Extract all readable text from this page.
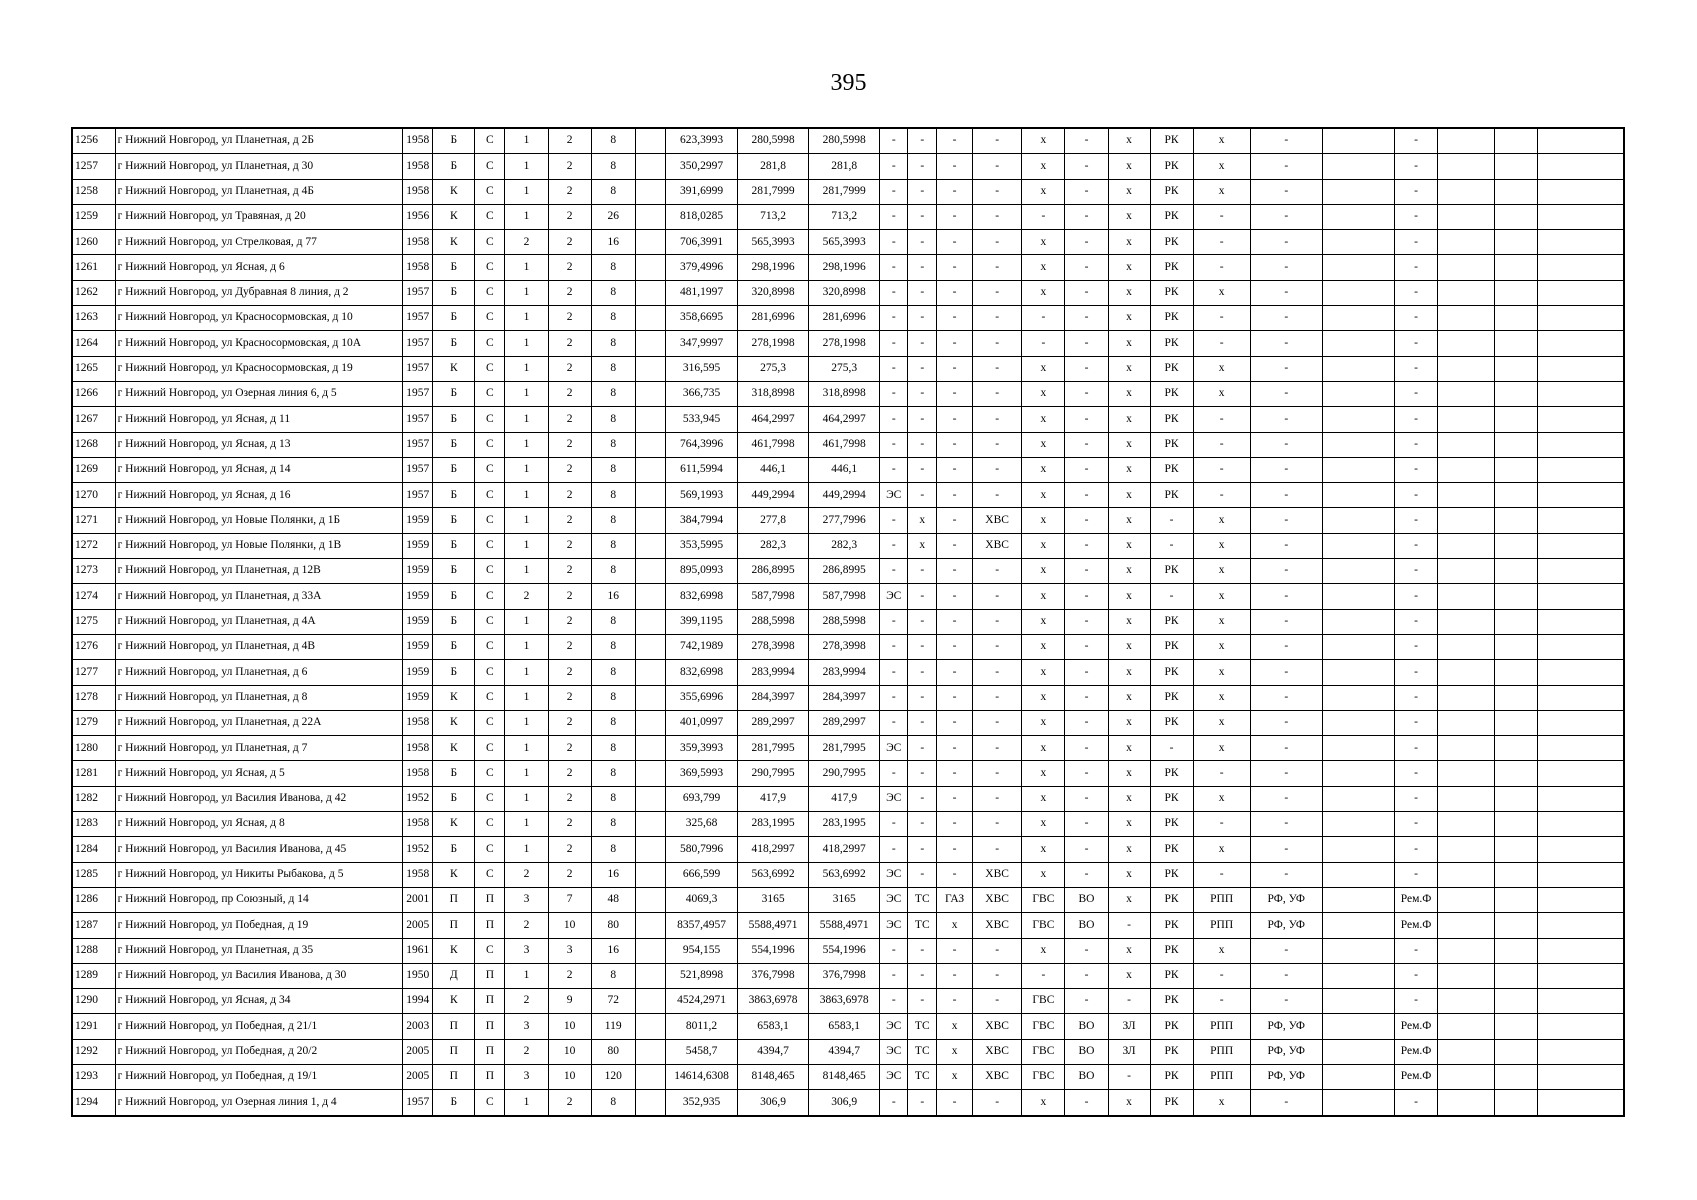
395
1256	г Нижний Новгород, ул Планетная, д 2Б	1958	Б	С	1	2	8		623,3993	280,5998	280,5998	-	-	-	-	х	-	х	РК	х	-		-			
1257	г Нижний Новгород, ул Планетная, д 30	1958	Б	С	1	2	8		350,2997	281,8	281,8	-	-	-	-	х	-	х	РК	х	-		-			
1258	г Нижний Новгород, ул Планетная, д 4Б	1958	К	С	1	2	8		391,6999	281,7999	281,7999	-	-	-	-	х	-	х	РК	х	-		-			
1259	г Нижний Новгород, ул Травяная, д 20	1956	К	С	1	2	26		818,0285	713,2	713,2	-	-	-	-	-	-	х	РК	-	-		-			
1260	г Нижний Новгород, ул Стрелковая, д 77	1958	К	С	2	2	16		706,3991	565,3993	565,3993	-	-	-	-	х	-	х	РК	-	-		-			
1261	г Нижний Новгород, ул Ясная, д 6	1958	Б	С	1	2	8		379,4996	298,1996	298,1996	-	-	-	-	х	-	х	РК	-	-		-			
1262	г Нижний Новгород, ул Дубравная 8 линия, д 2	1957	Б	С	1	2	8		481,1997	320,8998	320,8998	-	-	-	-	х	-	х	РК	х	-		-			
1263	г Нижний Новгород, ул Красносормовская, д 10	1957	Б	С	1	2	8		358,6695	281,6996	281,6996	-	-	-	-	-	-	х	РК	-	-		-			
1264	г Нижний Новгород, ул Красносормовская, д 10А	1957	Б	С	1	2	8		347,9997	278,1998	278,1998	-	-	-	-	-	-	х	РК	-	-		-			
1265	г Нижний Новгород, ул Красносормовская, д 19	1957	К	С	1	2	8		316,595	275,3	275,3	-	-	-	-	х	-	х	РК	х	-		-			
1266	г Нижний Новгород, ул Озерная линия 6, д 5	1957	Б	С	1	2	8		366,735	318,8998	318,8998	-	-	-	-	х	-	х	РК	х	-		-			
1267	г Нижний Новгород, ул Ясная, д 11	1957	Б	С	1	2	8		533,945	464,2997	464,2997	-	-	-	-	х	-	х	РК	-	-		-			
1268	г Нижний Новгород, ул Ясная, д 13	1957	Б	С	1	2	8		764,3996	461,7998	461,7998	-	-	-	-	х	-	х	РК	-	-		-			
1269	г Нижний Новгород, ул Ясная, д 14	1957	Б	С	1	2	8		611,5994	446,1	446,1	-	-	-	-	х	-	х	РК	-	-		-			
1270	г Нижний Новгород, ул Ясная, д 16	1957	Б	С	1	2	8		569,1993	449,2994	449,2994	ЭС	-	-	-	х	-	х	РК	-	-		-			
1271	г Нижний Новгород, ул Новые Полянки, д 1Б	1959	Б	С	1	2	8		384,7994	277,8	277,7996	-	х	-	ХВС	х	-	х	-	х	-		-			
1272	г Нижний Новгород, ул Новые Полянки, д 1В	1959	Б	С	1	2	8		353,5995	282,3	282,3	-	х	-	ХВС	х	-	х	-	х	-		-			
1273	г Нижний Новгород, ул Планетная, д 12В	1959	Б	С	1	2	8		895,0993	286,8995	286,8995	-	-	-	-	х	-	х	РК	х	-		-			
1274	г Нижний Новгород, ул Планетная, д 33А	1959	Б	С	2	2	16		832,6998	587,7998	587,7998	ЭС	-	-	-	х	-	х	-	х	-		-			
1275	г Нижний Новгород, ул Планетная, д 4А	1959	Б	С	1	2	8		399,1195	288,5998	288,5998	-	-	-	-	х	-	х	РК	х	-		-			
1276	г Нижний Новгород, ул Планетная, д 4В	1959	Б	С	1	2	8		742,1989	278,3998	278,3998	-	-	-	-	х	-	х	РК	х	-		-			
1277	г Нижний Новгород, ул Планетная, д 6	1959	Б	С	1	2	8		832,6998	283,9994	283,9994	-	-	-	-	х	-	х	РК	х	-		-			
1278	г Нижний Новгород, ул Планетная, д 8	1959	К	С	1	2	8		355,6996	284,3997	284,3997	-	-	-	-	х	-	х	РК	х	-		-			
1279	г Нижний Новгород, ул Планетная, д 22А	1958	К	С	1	2	8		401,0997	289,2997	289,2997	-	-	-	-	х	-	х	РК	х	-		-			
1280	г Нижний Новгород, ул Планетная, д 7	1958	К	С	1	2	8		359,3993	281,7995	281,7995	ЭС	-	-	-	х	-	х	-	х	-		-			
1281	г Нижний Новгород, ул Ясная, д 5	1958	Б	С	1	2	8		369,5993	290,7995	290,7995	-	-	-	-	х	-	х	РК	-	-		-			
1282	г Нижний Новгород, ул Василия Иванова, д 42	1952	Б	С	1	2	8		693,799	417,9	417,9	ЭС	-	-	-	х	-	х	РК	х	-		-			
1283	г Нижний Новгород, ул Ясная, д 8	1958	К	С	1	2	8		325,68	283,1995	283,1995	-	-	-	-	х	-	х	РК	-	-		-			
1284	г Нижний Новгород, ул Василия Иванова, д 45	1952	Б	С	1	2	8		580,7996	418,2997	418,2997	-	-	-	-	х	-	х	РК	х	-		-			
1285	г Нижний Новгород, ул Никиты Рыбакова, д 5	1958	К	С	2	2	16		666,599	563,6992	563,6992	ЭС	-	-	ХВС	х	-	х	РК	-	-		-			
1286	г Нижний Новгород, пр Союзный, д 14	2001	П	П	3	7	48		4069,3	3165	3165	ЭС	ТС	ГАЗ	ХВС	ГВС	ВО	х	РК	РПП	РФ, УФ		Рем.Ф			
1287	г Нижний Новгород, ул Победная, д 19	2005	П	П	2	10	80		8357,4957	5588,4971	5588,4971	ЭС	ТС	х	ХВС	ГВС	ВО	-	РК	РПП	РФ, УФ		Рем.Ф			
1288	г Нижний Новгород, ул Планетная, д 35	1961	К	С	3	3	16		954,155	554,1996	554,1996	-	-	-	-	х	-	х	РК	х	-		-			
1289	г Нижний Новгород, ул Василия Иванова, д 30	1950	Д	П	1	2	8		521,8998	376,7998	376,7998	-	-	-	-	-	-	х	РК	-	-		-			
1290	г Нижний Новгород, ул Ясная, д 34	1994	К	П	2	9	72		4524,2971	3863,6978	3863,6978	-	-	-	-	ГВС	-	-	РК	-	-		-			
1291	г Нижний Новгород, ул Победная, д 21/1	2003	П	П	3	10	119		8011,2	6583,1	6583,1	ЭС	ТС	х	ХВС	ГВС	ВО	ЗЛ	РК	РПП	РФ, УФ		Рем.Ф			
1292	г Нижний Новгород, ул Победная, д 20/2	2005	П	П	2	10	80		5458,7	4394,7	4394,7	ЭС	ТС	х	ХВС	ГВС	ВО	ЗЛ	РК	РПП	РФ, УФ		Рем.Ф			
1293	г Нижний Новгород, ул Победная, д 19/1	2005	П	П	3	10	120		14614,6308	8148,465	8148,465	ЭС	ТС	х	ХВС	ГВС	ВО	-	РК	РПП	РФ, УФ		Рем.Ф			
1294	г Нижний Новгород, ул Озерная линия 1, д 4	1957	Б	С	1	2	8		352,935	306,9	306,9	-	-	-	-	х	-	х	РК	х	-		-			
